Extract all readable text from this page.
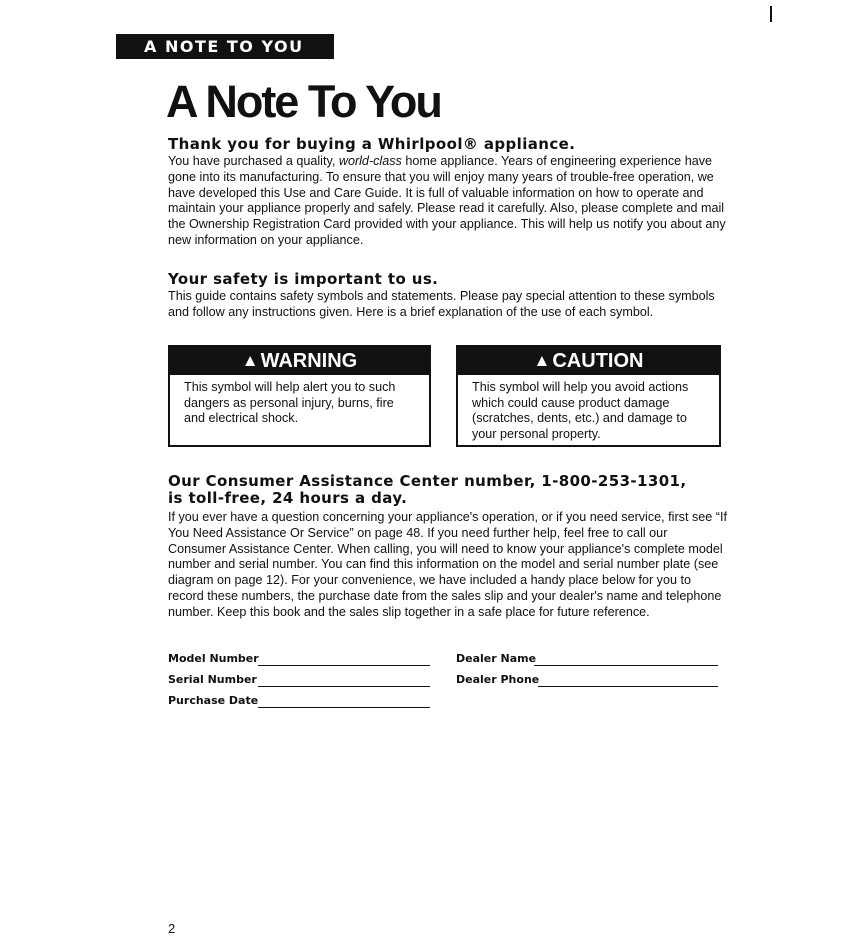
A NOTE TO YOU
A Note To You
Thank you for buying a Whirlpool® appliance.

You have purchased a quality, world-class home appliance. Years of engineering experience have gone into its manufacturing. To ensure that you will enjoy many years of trouble-free operation, we have developed this Use and Care Guide. It is full of valuable information on how to operate and maintain your appliance properly and safely. Please read it carefully. Also, please complete and mail the Ownership Registration Card provided with your appliance. This will help us notify you about any new information on your appliance.

Your safety is important to us.

This guide contains safety symbols and statements. Please pay special attention to these symbols and follow any instructions given. Here is a brief explanation of the use of each symbol.

▲ WARNING
This symbol will help alert you to such dangers as personal injury, burns, fire and electrical shock.
▲ CAUTION
This symbol will help you avoid actions which could cause product damage (scratches, dents, etc.) and damage to your personal property.
Our Consumer Assistance Center number, 1-800-253-1301,
is toll-free, 24 hours a day.

If you ever have a question concerning your appliance's operation, or if you need service, first see “If You Need Assistance Or Service” on page 48. If you need further help, feel free to call our Consumer Assistance Center. When calling, you will need to know your appliance's complete model number and serial number. You can find this information on the model and serial number plate (see diagram on page 12). For your convenience, we have included a handy place below for you to record these numbers, the purchase date from the sales slip and your dealer's name and telephone number. Keep this book and the sales slip together in a safe place for future reference.

Model Number
Serial Number
Purchase Date
Dealer Name
Dealer Phone
2
